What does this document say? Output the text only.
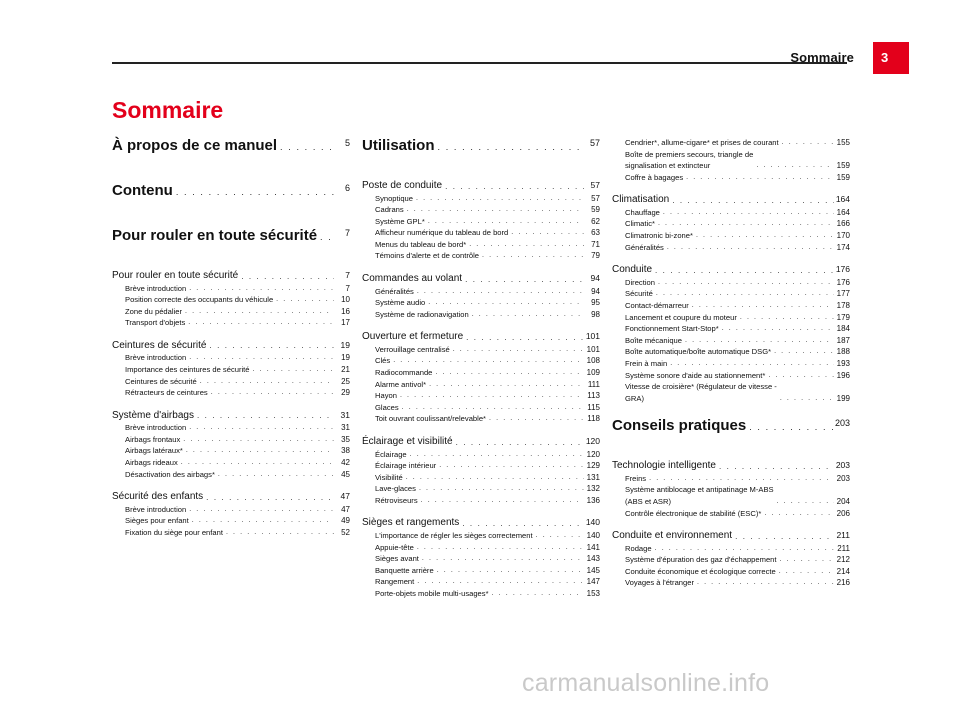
Sommaire	3
Sommaire
À propos de ce manuel . . .	5
Contenu . . .	6
Pour rouler en toute sécurité . . .	7
Pour rouler en toute sécurité . . .	7
Brève introduction . . .	7
Position correcte des occupants du véhicule . . .	10
Zone du pédalier . . .	16
Transport d'objets . . .	17
Ceintures de sécurité . . .	19
Brève introduction . . .	19
Importance des ceintures de sécurité . . .	21
Ceintures de sécurité . . .	25
Rétracteurs de ceintures . . .	29
Système d'airbags . . .	31
Brève introduction . . .	31
Airbags frontaux . . .	35
Airbags latéraux* . . .	38
Airbags rideaux . . .	42
Désactivation des airbags* . . .	45
Sécurité des enfants . . .	47
Brève introduction . . .	47
Sièges pour enfant . . .	49
Fixation du siège pour enfant . . .	52
Utilisation . . .	57
Poste de conduite . . .	57
Synoptique . . .	57
Cadrans . . .	59
Système GPL* . . .	62
Afficheur numérique du tableau de bord . . .	63
Menus du tableau de bord* . . .	71
Témoins d'alerte et de contrôle . . .	79
Commandes au volant . . .	94
Généralités . . .	94
Système audio . . .	95
Système de radionavigation . . .	98
Ouverture et fermeture . . .	101
Verrouillage centralisé . . .	101
Clés . . .	108
Radiocommande . . .	109
Alarme antivol* . . .	111
Hayon . . .	113
Glaces . . .	115
Toit ouvrant coulissant/relevable* . . .	118
Éclairage et visibilité . . .	120
Éclairage . . .	120
Éclairage intérieur . . .	129
Visibilité . . .	131
Lave-glaces . . .	132
Rétroviseurs . . .	136
Sièges et rangements . . .	140
L'importance de régler les sièges correctement . . .	140
Appuie-tête . . .	141
Sièges avant . . .	143
Banquette arrière . . .	145
Rangement . . .	147
Porte-objets mobile multi-usages* . . .	153
Cendrier*, allume-cigare* et prises de courant . . .	155
Boîte de premiers secours, triangle de
signalisation et extincteur . . .	159
Coffre à bagages . . .	159
Climatisation . . .	164
Chauffage . . .	164
Climatic* . . .	166
Climatronic bi-zone* . . .	170
Généralités . . .	174
Conduite . . .	176
Direction . . .	176
Sécurité . . .	177
Contact-démarreur . . .	178
Lancement et coupure du moteur . . .	179
Fonctionnement Start-Stop* . . .	184
Boîte mécanique . . .	187
Boîte automatique/boîte automatique DSG* . . .	188
Frein à main . . .	193
Système sonore d'aide au stationnement* . . .	196
Vitesse de croisière* (Régulateur de vitesse -
GRA) . . .	199
Conseils pratiques . . .	203
Technologie intelligente . . .	203
Freins . . .	203
Système antiblocage et antipatinage M-ABS
(ABS et ASR) . . .	204
Contrôle électronique de stabilité (ESC)* . . .	206
Conduite et environnement . . .	211
Rodage . . .	211
Système d'épuration des gaz d'échappement . . .	212
Conduite économique et écologique correcte . . .	214
Voyages à l'étranger . . .	216
carmanualsonline.info
